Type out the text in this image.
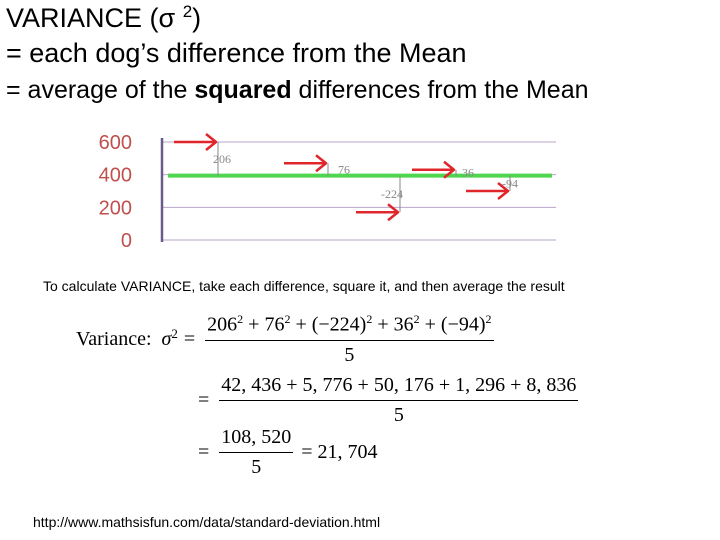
VARIANCE (σ $^2$)
= each dog’s difference from the Mean
= average of the squared differences from the Mean
600
400
200
0
206
76
-224
36
-94
To calculate VARIANCE, take each difference, square it, and then average the result
Variance: $\sigma^2 = \frac{206^2 + 76^2 + (-224)^2 + 36^2 + (-94)^2}{5}$
= $\frac{42, 436 + 5, 776 + 50, 176 + 1, 296 + 8, 836}{5}$
= $\frac{108, 520}{5} = 21$, 704
http://www.mathsisfun.com/data/standard-deviation.html
